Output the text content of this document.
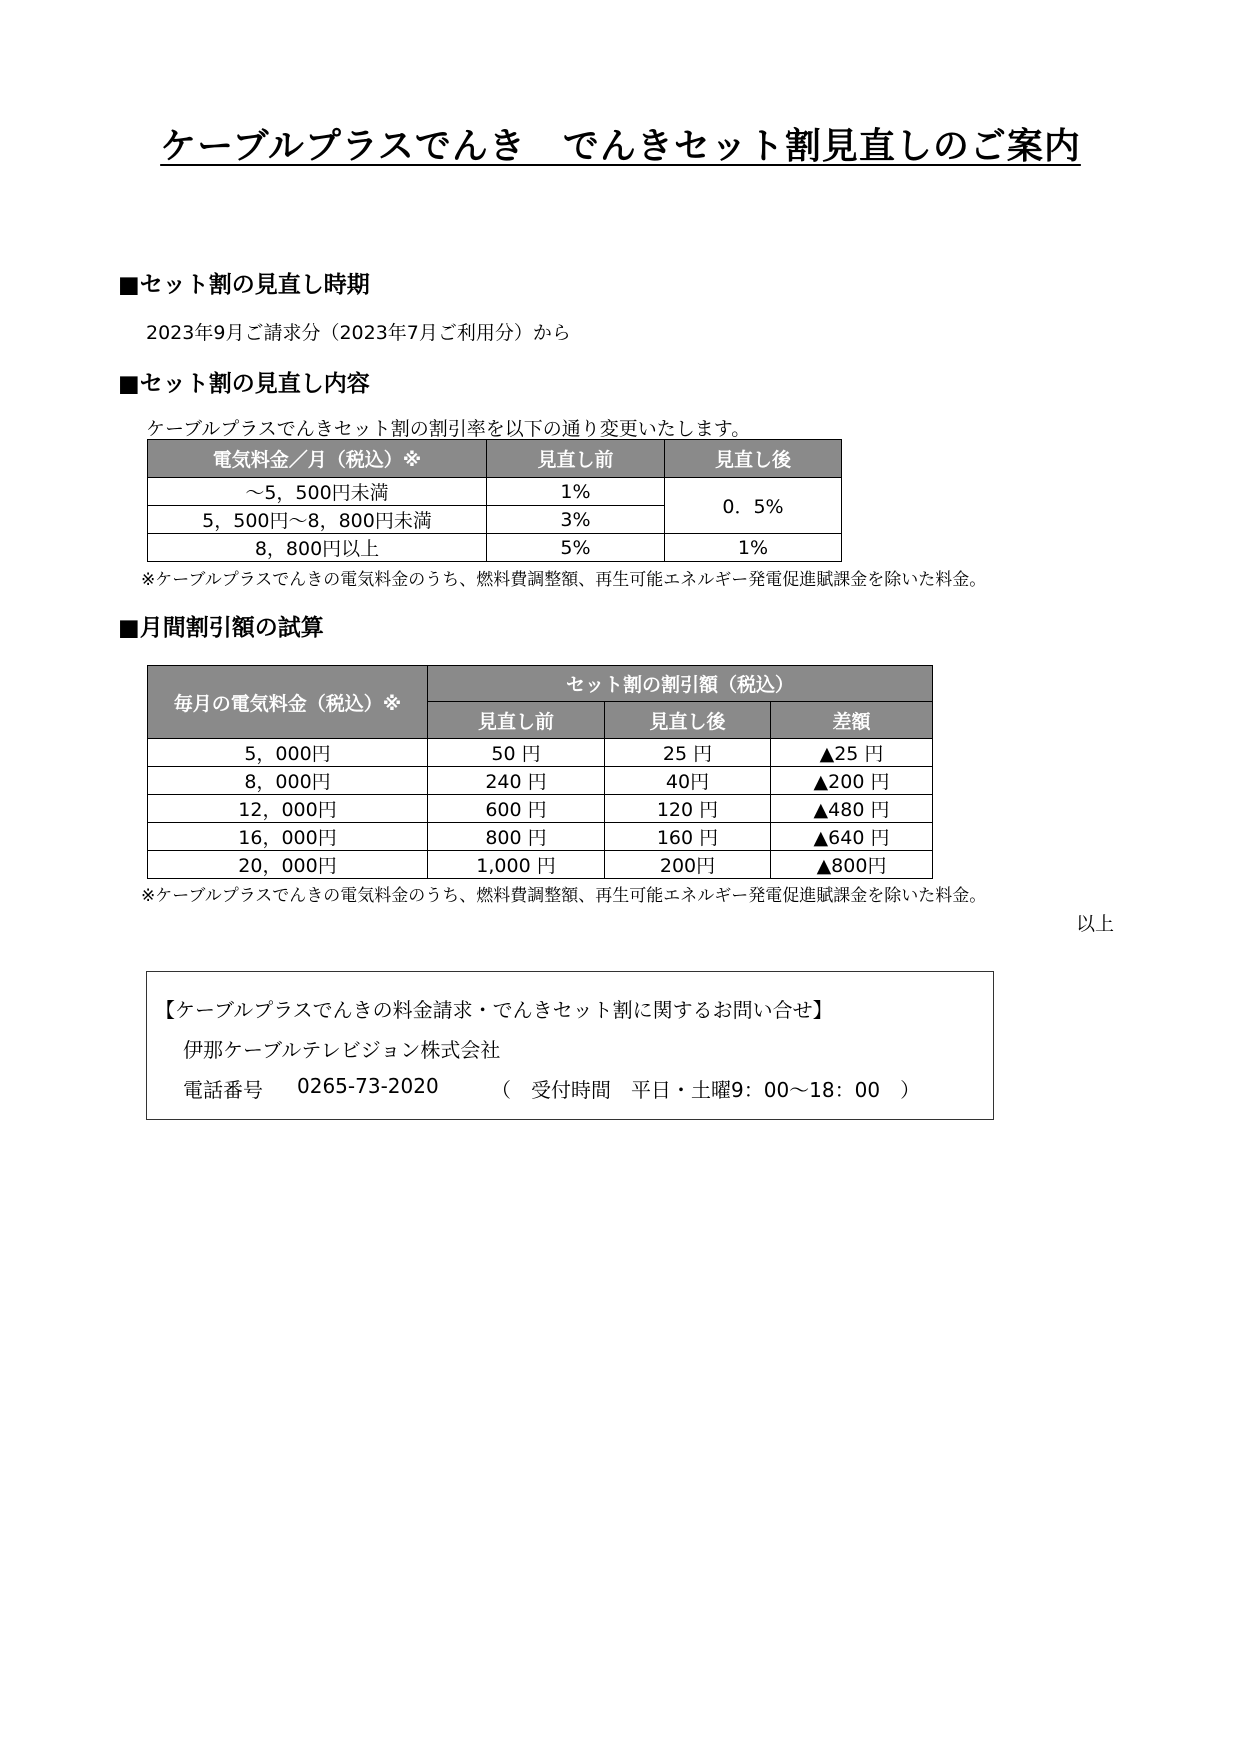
ケーブルプラスでんき　でんきセット割見直しのご案内
■セット割の見直し時期
2023年9月ご請求分（2023年7月ご利用分）から
■セット割の見直し内容
ケーブルプラスでんきセット割の割引率を以下の通り変更いたします。
電気料金／月（税込）※	見直し前	見直し後
～5，500円未満	1%	0．5%
5，500円～8，800円未満	3%	
8，800円以上	5%	1%
※ケーブルプラスでんきの電気料金のうち、燃料費調整額、再生可能エネルギー発電促進賦課金を除いた料金。
■月間割引額の試算
毎月の電気料金（税込）※	セット割の割引額（税込）		
	見直し前	見直し後	差額
5，000円	50 円	25 円	▲25 円
8，000円	240 円	40円	▲200 円
12，000円	600 円	120 円	▲480 円
16，000円	800 円	160 円	▲640 円
20，000円	1,000 円	200円	▲800円
※ケーブルプラスでんきの電気料金のうち、燃料費調整額、再生可能エネルギー発電促進賦課金を除いた料金。
以上
【ケーブルプラスでんきの料金請求・でんきセット割に関するお問い合せ】
伊那ケーブルテレビジョン株式会社
電話番号 0265-73-2020	（　受付時間　平日・土曜9：00～18：00　）
